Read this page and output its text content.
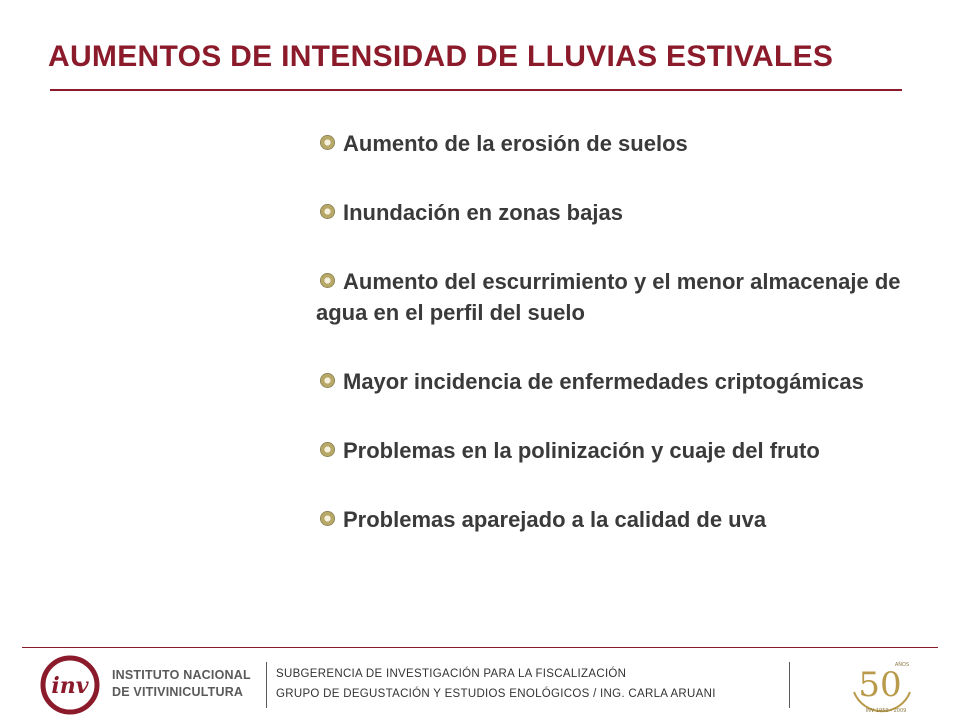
AUMENTOS DE INTENSIDAD DE LLUVIAS ESTIVALES
Aumento de la erosión de suelos
Inundación en zonas bajas
Aumento del escurrimiento y el menor almacenaje de agua en el perfil del suelo
Mayor incidencia de enfermedades criptogámicas
Problemas en la polinización y cuaje del fruto
Problemas aparejado a la calidad de uva
inv INSTITUTO NACIONAL
DE VITIVINICULTURA
SUBGERENCIA DE INVESTIGACIÓN PARA LA FISCALIZACIÓN
GRUPO DE DEGUSTACIÓN Y ESTUDIOS ENOLÓGICOS / ING. CARLA ARUANI	50
AÑOS
INV 1959 - 2009
